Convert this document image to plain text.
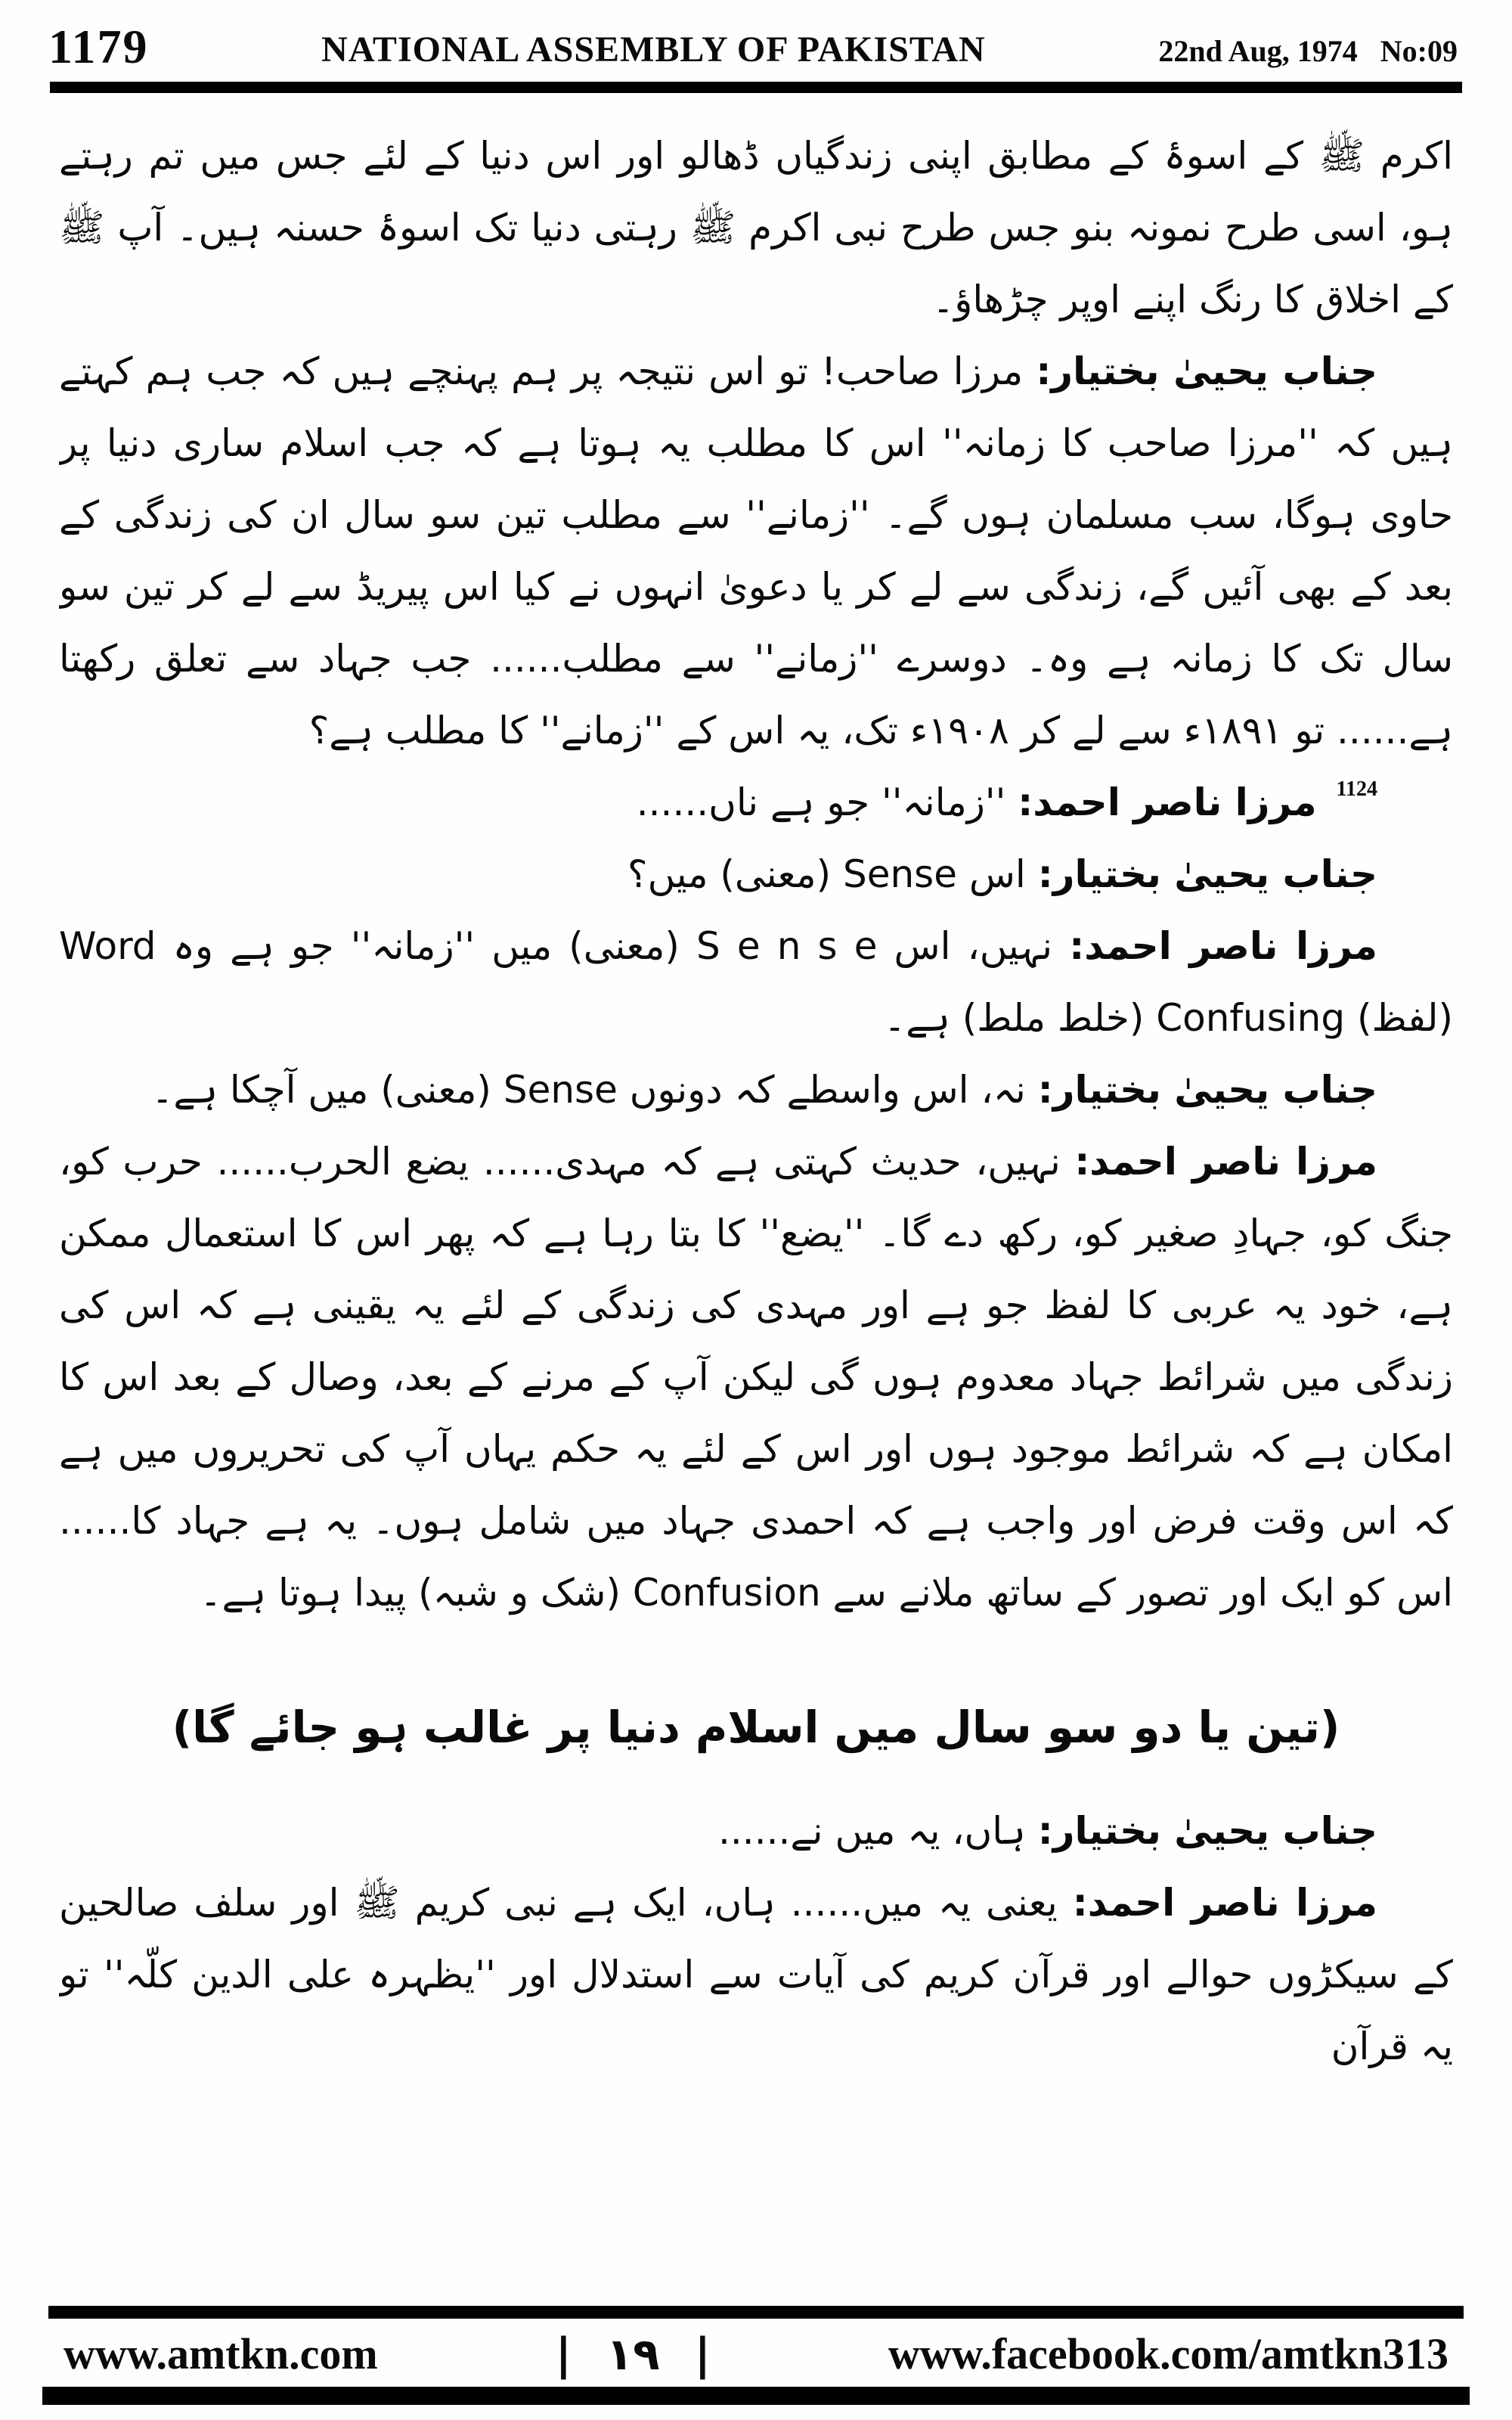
1179	NATIONAL ASSEMBLY OF PAKISTAN	22nd Aug, 1974 No:09

اکرم ﷺ کے اسوۂ کے مطابق اپنی زندگیاں ڈھالو اور اس دنیا کے لئے جس میں تم رہتے ہو، اسی طرح نمونہ بنو جس طرح نبی اکرم ﷺ رہتی دنیا تک اسوۂ حسنہ ہیں۔ آپ ﷺ کے اخلاق کا رنگ اپنے اوپر چڑھاؤ۔

جناب یحییٰ بختیار: مرزا صاحب! تو اس نتیجہ پر ہم پہنچے ہیں کہ جب ہم کہتے ہیں کہ ''مرزا صاحب کا زمانہ'' اس کا مطلب یہ ہوتا ہے کہ جب اسلام ساری دنیا پر حاوی ہوگا، سب مسلمان ہوں گے۔ ''زمانے'' سے مطلب تین سو سال ان کی زندگی کے بعد کے بھی آئیں گے، زندگی سے لے کر یا دعویٰ انہوں نے کیا اس پیریڈ سے لے کر تین سو سال تک کا زمانہ ہے وہ۔ دوسرے ''زمانے'' سے مطلب...... جب جہاد سے تعلق رکھتا ہے...... تو ۱۸۹۱ء سے لے کر ۱۹۰۸ء تک، یہ اس کے ''زمانے'' کا مطلب ہے؟

$^{1124}$ مرزا ناصر احمد: ''زمانہ'' جو ہے ناں......

جناب یحییٰ بختیار: اس Sense (معنی) میں؟

مرزا ناصر احمد: نہیں، اس S e n s e (معنی) میں ''زمانہ'' جو ہے وہ Word (لفظ) Confusing (خلط ملط) ہے۔

جناب یحییٰ بختیار: نہ، اس واسطے کہ دونوں Sense (معنی) میں آچکا ہے۔

مرزا ناصر احمد: نہیں، حدیث کہتی ہے کہ مہدی...... یضع الحرب...... حرب کو، جنگ کو، جہادِ صغیر کو، رکھ دے گا۔ ''یضع'' کا بتا رہا ہے کہ پھر اس کا استعمال ممکن ہے، خود یہ عربی کا لفظ جو ہے اور مہدی کی زندگی کے لئے یہ یقینی ہے کہ اس کی زندگی میں شرائط جہاد معدوم ہوں گی لیکن آپ کے مرنے کے بعد، وصال کے بعد اس کا امکان ہے کہ شرائط موجود ہوں اور اس کے لئے یہ حکم یہاں آپ کی تحریروں میں ہے کہ اس وقت فرض اور واجب ہے کہ احمدی جہاد میں شامل ہوں۔ یہ ہے جہاد کا...... اس کو ایک اور تصور کے ساتھ ملانے سے Confusion (شک و شبہ) پیدا ہوتا ہے۔

(تین یا دو سو سال میں اسلام دنیا پر غالب ہو جائے گا)

جناب یحییٰ بختیار: ہاں، یہ میں نے......

مرزا ناصر احمد: یعنی یہ میں...... ہاں، ایک ہے نبی کریم ﷺ اور سلف صالحین کے سیکڑوں حوالے اور قرآن کریم کی آیات سے استدلال اور ''یظہرہ علی الدین کلّہ'' تو یہ قرآن

www.amtkn.com	| ۱۹ |	www.facebook.com/amtkn313
